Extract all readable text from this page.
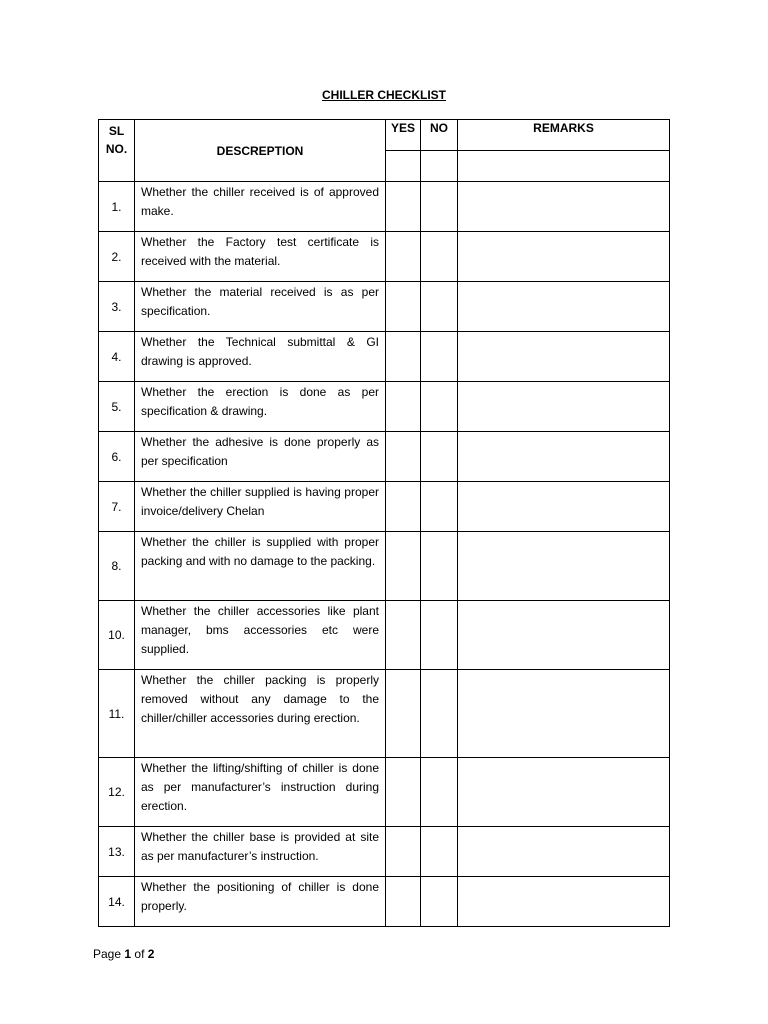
CHILLER CHECKLIST
SL
NO.	DESCREPTION	YES	NO	REMARKS

1.	Whether the chiller received is of approved make.			
2.	Whether the Factory test certificate is received with the material.			
3.	Whether the material received is as per specification.			
4.	Whether the Technical submittal & GI drawing is approved.			
5.	Whether the erection is done as per specification & drawing.			
6.	Whether the adhesive is done properly as per specification			
7.	Whether the chiller supplied is having proper invoice/delivery Chelan			
8.	Whether the chiller is supplied with proper packing and with no damage to the packing.			
10.	Whether the chiller accessories like plant manager, bms accessories etc were supplied.			
11.	Whether the chiller packing is properly removed without any damage to the chiller/chiller accessories during erection.			
12.	Whether the lifting/shifting of chiller is done as per manufacturer’s instruction during erection.			
13.	Whether the chiller base is provided at site as per manufacturer’s instruction.			
14.	Whether the positioning of chiller is done properly.			
Page 1 of 2
